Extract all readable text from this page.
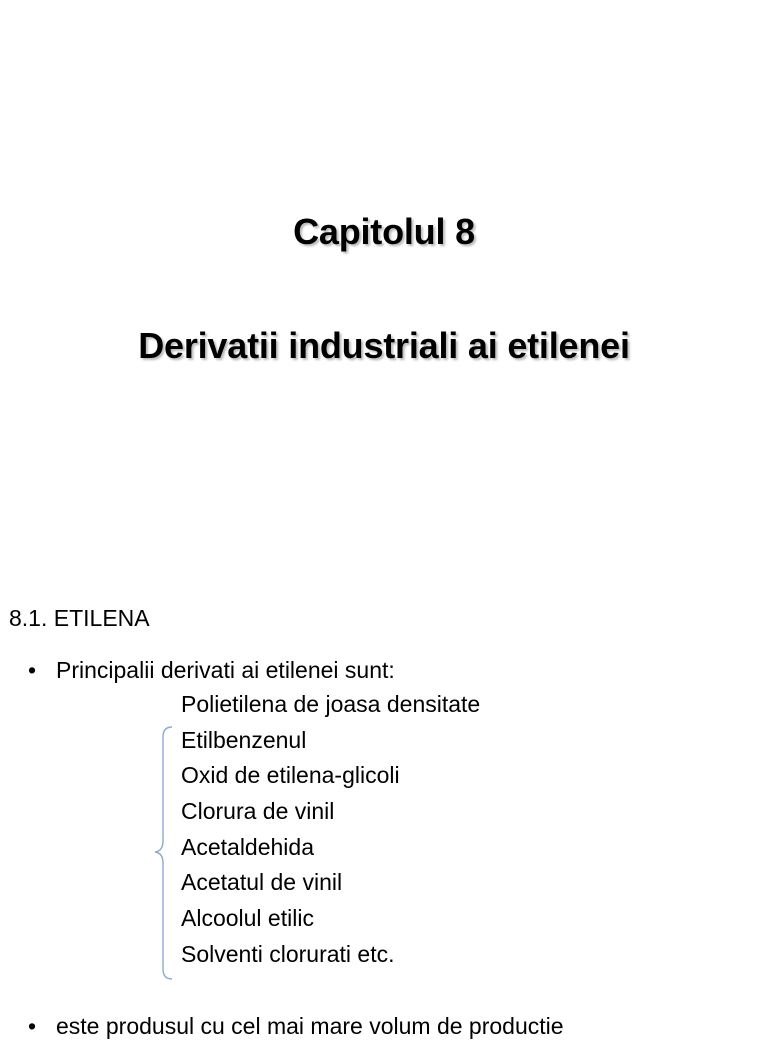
Capitolul 8
Derivatii industriali ai etilenei
8.1. ETILENA
• Principalii derivati ai etilenei sunt:
Polietilena de joasa densitate
Etilbenzenul
Oxid de etilena-glicoli
Clorura de vinil
Acetaldehida
Acetatul de vinil
Alcoolul etilic
Solventi clorurati etc.
• este produsul cu cel mai mare volum de productie
